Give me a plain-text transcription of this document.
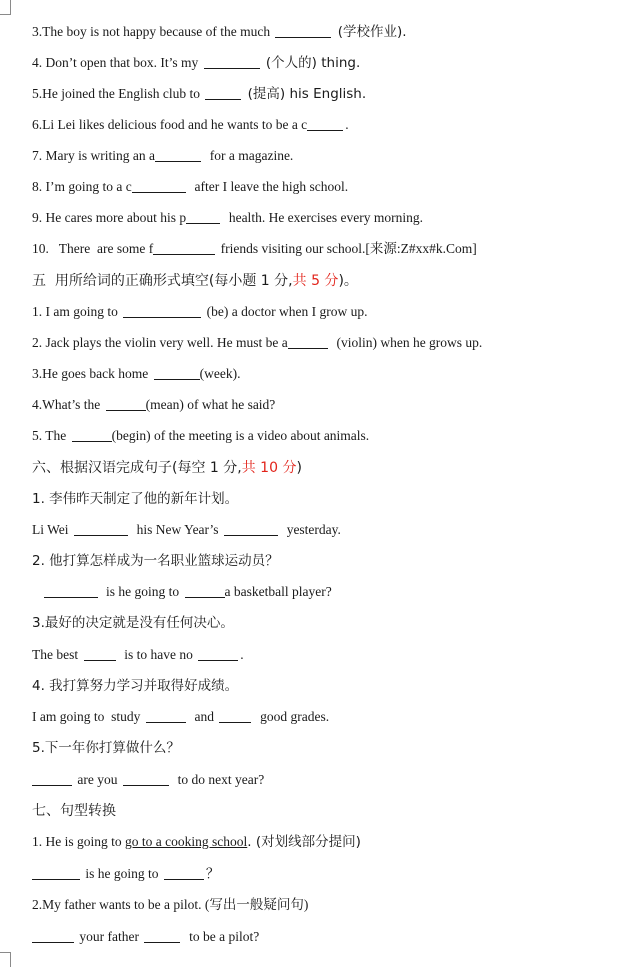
3.The boy is not happy because of the much	(学校作业).
4. Don’t open that box. It’s my	(个人的) thing.
5.He joined the English club to	(提高) his English.
6.Li Lei likes delicious food and he wants to be a c	.
7. Mary is writing an a	for a magazine.
8. I’m going to a c	after I leave the high school.
9. He cares more about his p	health. He exercises every morning.
10.   There  are some f	friends visiting our school.[来源:Z#xx#k.Com]
五  用所给词的正确形式填空(每小题 1 分,共 5 分)。
1. I am going to	(be) a doctor when I grow up.
2. Jack plays the violin very well. He must be a	(violin) when he grows up.
3.He goes back home	(week).
4.What’s the	(mean) of what he said?
5. The	(begin) of the meeting is a video about animals.
六、根据汉语完成句子(每空 1 分,共 10 分)
1. 李伟昨天制定了他的新年计划。
Li Wei	his New Year’s	yesterday.
2. 他打算怎样成为一名职业篮球运动员？
is he going to	a basketball player?
3.最好的决定就是没有任何决心。
The best	is to have no	.
4. 我打算努力学习并取得好成绩。
I am going to  study	and	good grades.
5.下一年你打算做什么？
are you	to do next year?
七、句型转换
1. He is going to go to a cooking school. (对划线部分提问)
is he going to	？
2.My father wants to be a pilot. (写出一般疑问句)
your father	to be a pilot?
